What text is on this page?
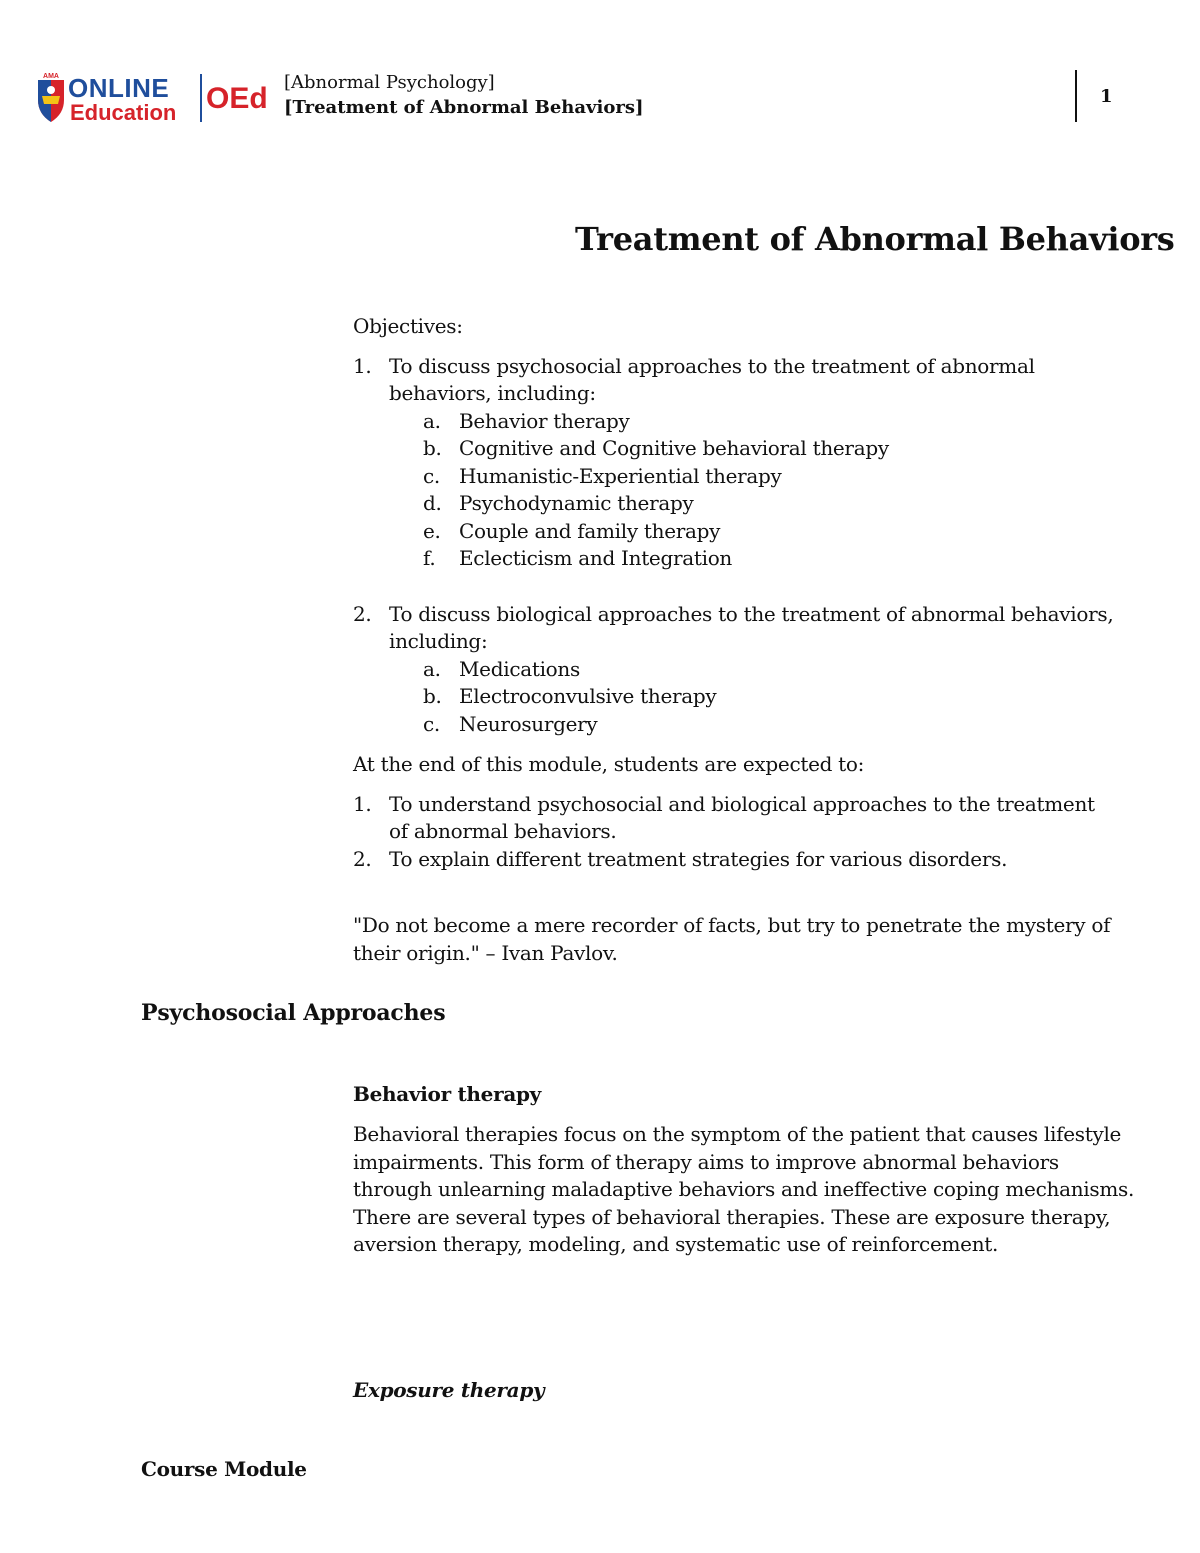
AMA ONLINE
Education OEd [Abnormal Psychology]
[Treatment of Abnormal Behaviors]
1
Treatment of Abnormal Behaviors

Objectives:

1. To discuss psychosocial approaches to the treatment of abnormal behaviors, including:
a. Behavior therapy
b. Cognitive and Cognitive behavioral therapy
c. Humanistic-Experiential therapy
d. Psychodynamic therapy
e. Couple and family therapy
f. Eclecticism and Integration
2. To discuss biological approaches to the treatment of abnormal behaviors, including:
a. Medications
b. Electroconvulsive therapy
c. Neurosurgery

At the end of this module, students are expected to:

1. To understand psychosocial and biological approaches to the treatment of abnormal behaviors.
2. To explain different treatment strategies for various disorders.
"Do not become a mere recorder of facts, but try to penetrate the mystery of their origin." – Ivan Pavlov.
Psychosocial Approaches
Behavior therapy
Behavioral therapies focus on the symptom of the patient that causes lifestyle impairments. This form of therapy aims to improve abnormal behaviors through unlearning maladaptive behaviors and ineffective coping mechanisms. There are several types of behavioral therapies. These are exposure therapy, aversion therapy, modeling, and systematic use of reinforcement.
Exposure therapy
Course Module
